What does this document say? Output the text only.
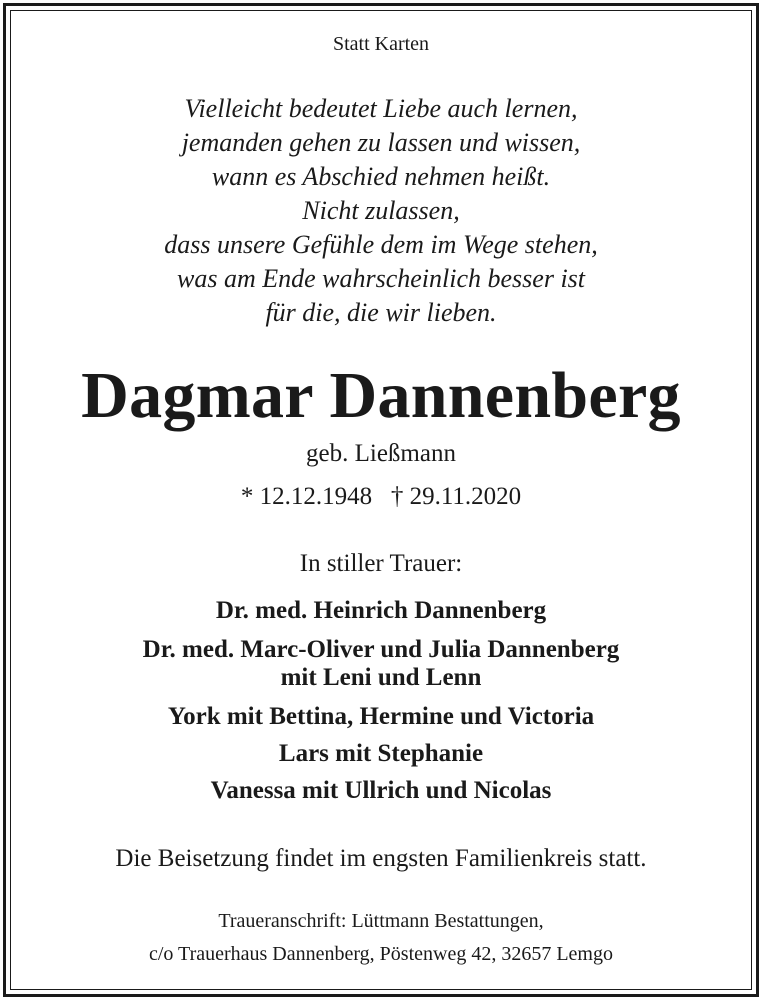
Statt Karten

Vielleicht bedeutet Liebe auch lernen,

jemanden gehen zu lassen und wissen,

wann es Abschied nehmen heißt.

Nicht zulassen,

dass unsere Gefühle dem im Wege stehen,

was am Ende wahrscheinlich besser ist

für die, die wir lieben.

Dagmar Dannenberg

geb. Ließmann

* 12.12.1948   † 29.11.2020

In stiller Trauer:

Dr. med. Heinrich Dannenberg

Dr. med. Marc-Oliver und Julia Dannenberg

mit Leni und Lenn

York mit Bettina, Hermine und Victoria

Lars mit Stephanie

Vanessa mit Ullrich und Nicolas

Die Beisetzung findet im engsten Familienkreis statt.

Traueranschrift: Lüttmann Bestattungen,

c/o Trauerhaus Dannenberg, Pöstenweg 42, 32657 Lemgo
